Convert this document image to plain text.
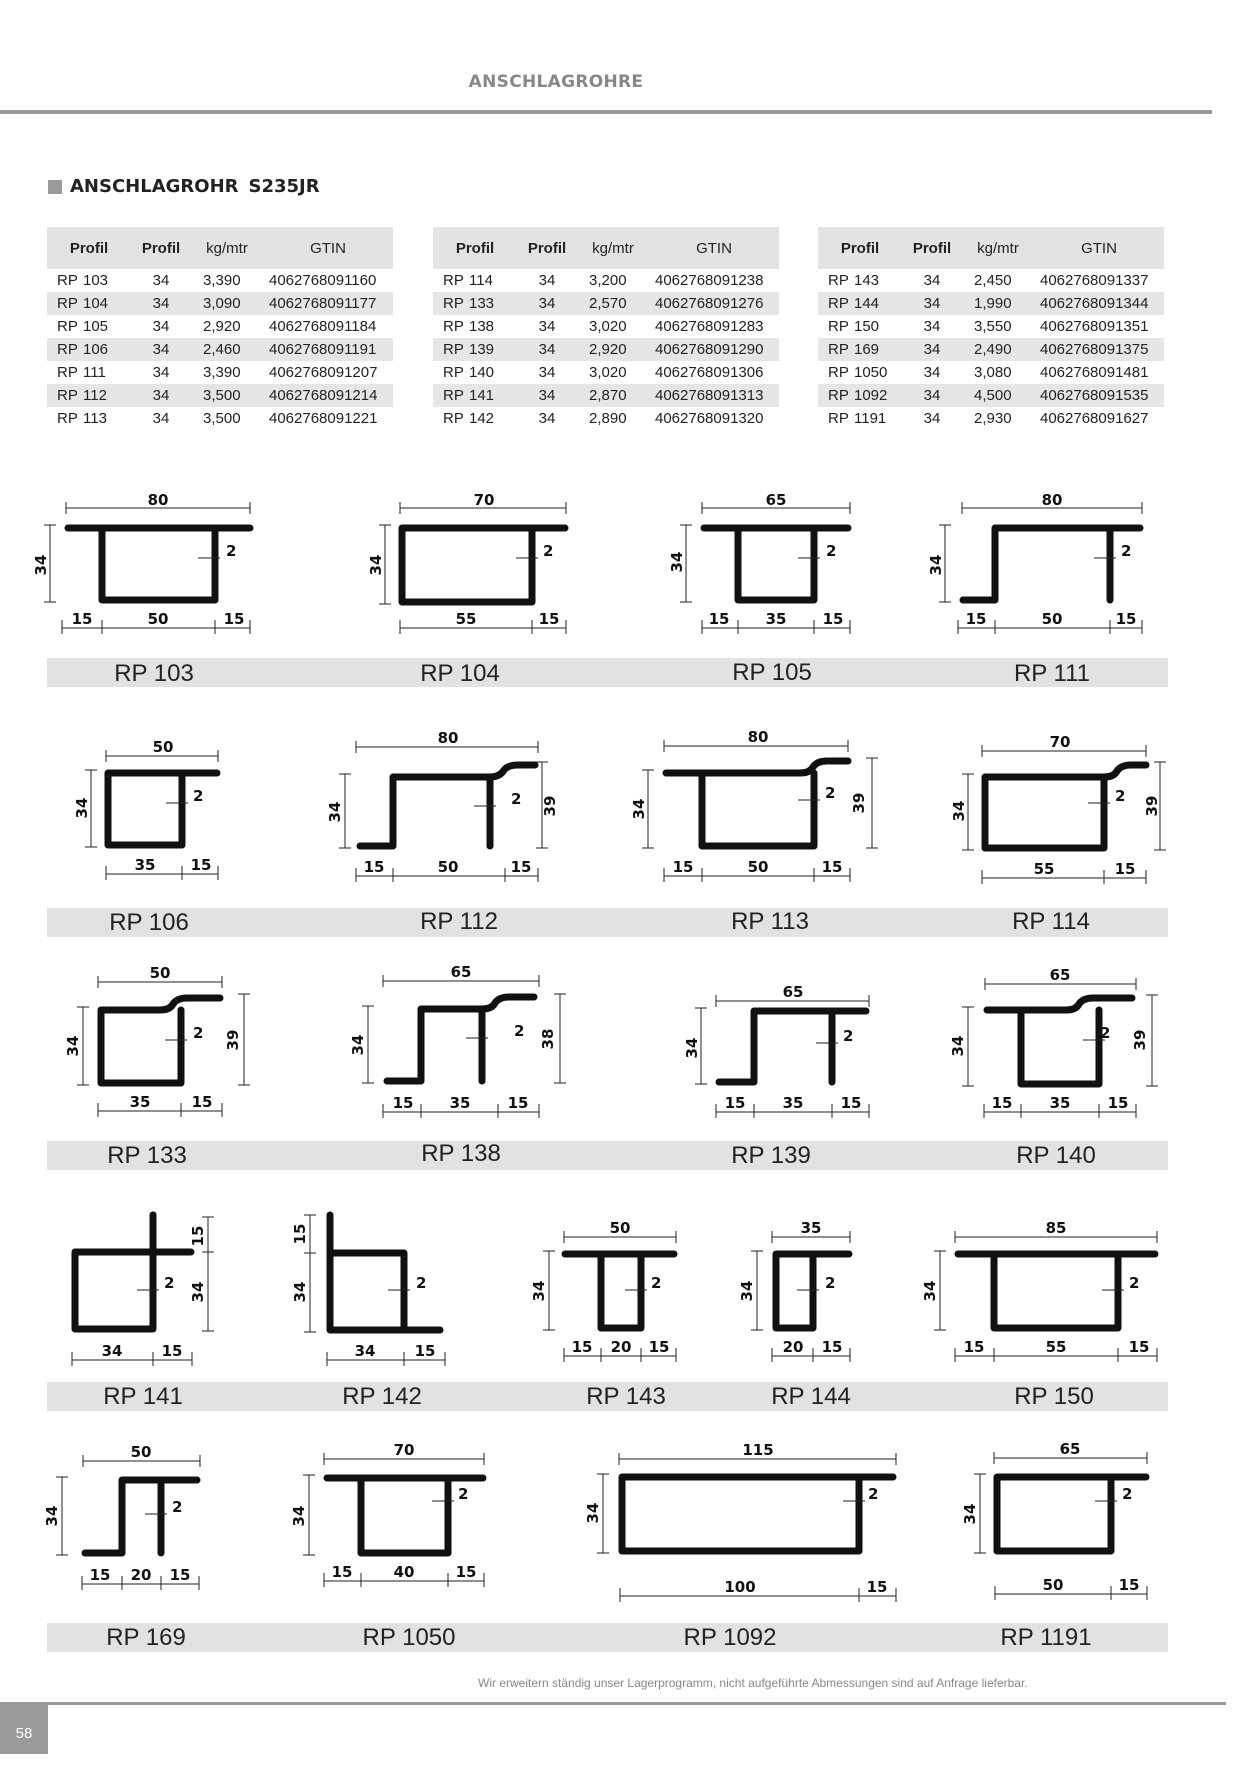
ANSCHLAGROHRE
ANSCHLAGROHR S235JR
Profil		Profil	kg/mtr	GTIN
RP	103	34	3,390	4062768091160
RP	104	34	3,090	4062768091177
RP	105	34	2,920	4062768091184
RP	106	34	2,460	4062768091191
RP	111	34	3,390	4062768091207
RP	112	34	3,500	4062768091214
RP	113	34	3,500	4062768091221
Profil		Profil	kg/mtr	GTIN
RP	114	34	3,200	4062768091238
RP	133	34	2,570	4062768091276
RP	138	34	3,020	4062768091283
RP	139	34	2,920	4062768091290
RP	140	34	3,020	4062768091306
RP	141	34	2,870	4062768091313
RP	142	34	2,890	4062768091320
Profil		Profil	kg/mtr	GTIN
RP	143	34	2,450	4062768091337
RP	144	34	1,990	4062768091344
RP	150	34	3,550	4062768091351
RP	169	34	2,490	4062768091375
RP	1050	34	3,080	4062768091481
RP	1092	34	4,500	4062768091535
RP	1191	34	2,930	4062768091627
RP 103	RP 104	RP 105	RP 111
RP 106	RP 112	RP 113	RP 114
RP 133	RP 138	RP 139	RP 140
RP 141	RP 142	RP 143	RP 144	RP 150
RP 169	RP 1050	RP 1092	RP 1191
80
34
2
15	50	15
70
34
2
55	15
65
34
2
15 35 15
80
34
2
15	50	15
50
34
2
35 15
80
34	39
2
15	50	15
80
34	39
2
15	50	15
70
34	39
2
55	15
50
34	39
2
35	15
65
34	38
2
15 35 15
65
34
2
15 35 15
65
34	39
2
15 35 15
15
34
2
34	15
15
34	2
34	15
50
34	2
15 20 15
35
34	2
20 15
85
34	2
15	55	15
50
34	2
15 20 15
70
34
2
15	40	15
115
34
2
100	15
65
34
2
50	15
Wir erweitern ständig unser Lagerprogramm, nicht aufgeführte Abmessungen sind auf Anfrage lieferbar.
58
